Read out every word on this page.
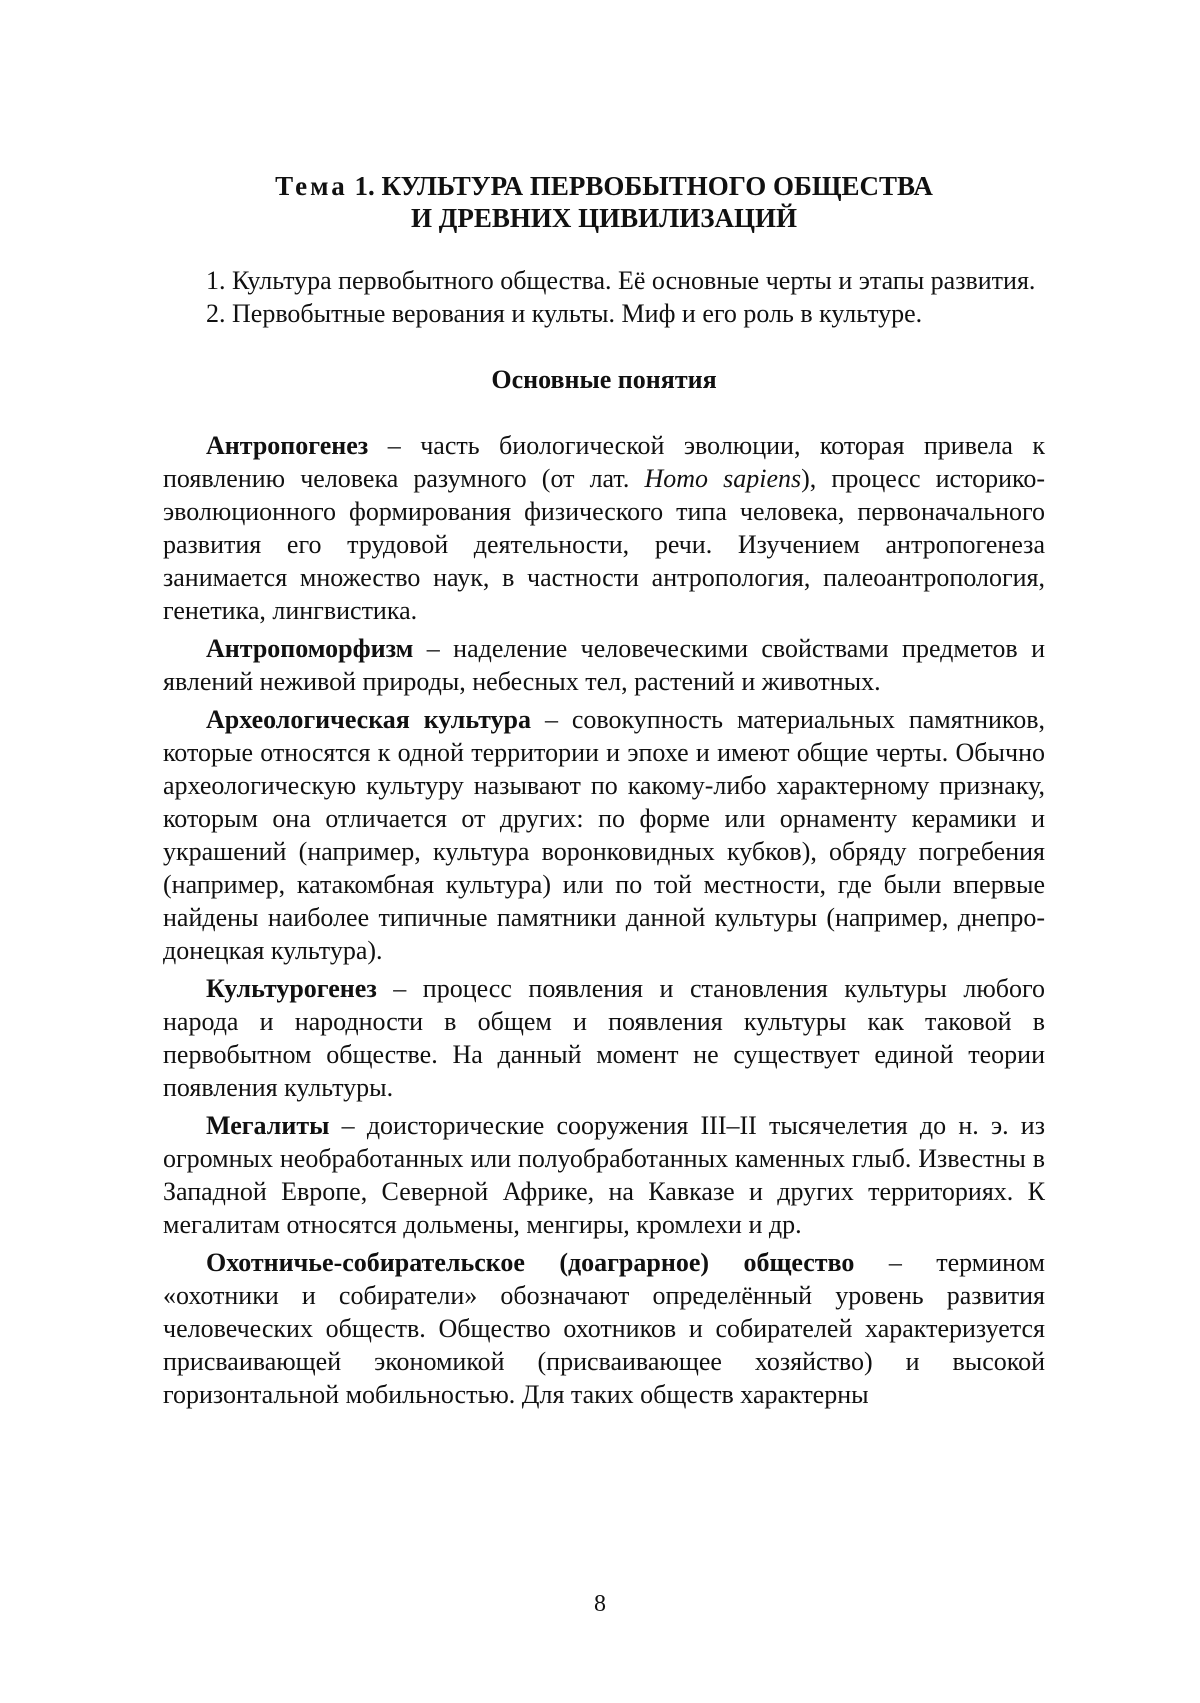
Тема 1. КУЛЬТУРА ПЕРВОБЫТНОГО ОБЩЕСТВА
И ДРЕВНИХ ЦИВИЛИЗАЦИЙ

1. Культура первобытного общества. Её основные черты и этапы развития.

2. Первобытные верования и культы. Миф и его роль в культуре.

Основные понятия

Антропогенез – часть биологической эволюции, которая привела к появлению человека разумного (от лат. Homo sapiens), процесс историко-эволюционного формирования физического типа человека, первоначального развития его трудовой деятельности, речи. Изучением антропогенеза занимается множество наук, в частности антропология, палеоантропология, генетика, лингвистика.

Антропоморфизм – наделение человеческими свойствами предметов и явлений неживой природы, небесных тел, растений и животных.

Археологическая культура – совокупность материальных памятников, которые относятся к одной территории и эпохе и имеют общие черты. Обычно археологическую культуру называют по какому-либо характерному признаку, которым она отличается от других: по форме или орнаменту керамики и украшений (например, культура воронковидных кубков), обряду погребения (например, катакомбная культура) или по той местности, где были впервые найдены наиболее типичные памятники данной культуры (например, днепро-донецкая культура).

Культурогенез – процесс появления и становления культуры любого народа и народности в общем и появления культуры как таковой в первобытном обществе. На данный момент не существует единой теории появления культуры.

Мегалиты – доисторические сооружения III–II тысячелетия до н. э. из огромных необработанных или полуобработанных каменных глыб. Известны в Западной Европе, Северной Африке, на Кавказе и других территориях. К мегалитам относятся дольмены, менгиры, кромлехи и др.

Охотничье-собирательское (доаграрное) общество – термином «охотники и собиратели» обозначают определённый уровень развития человеческих обществ. Общество охотников и собирателей характеризуется присваивающей экономикой (присваивающее хозяйство) и высокой горизонтальной мобильностью. Для таких обществ характерны

8
